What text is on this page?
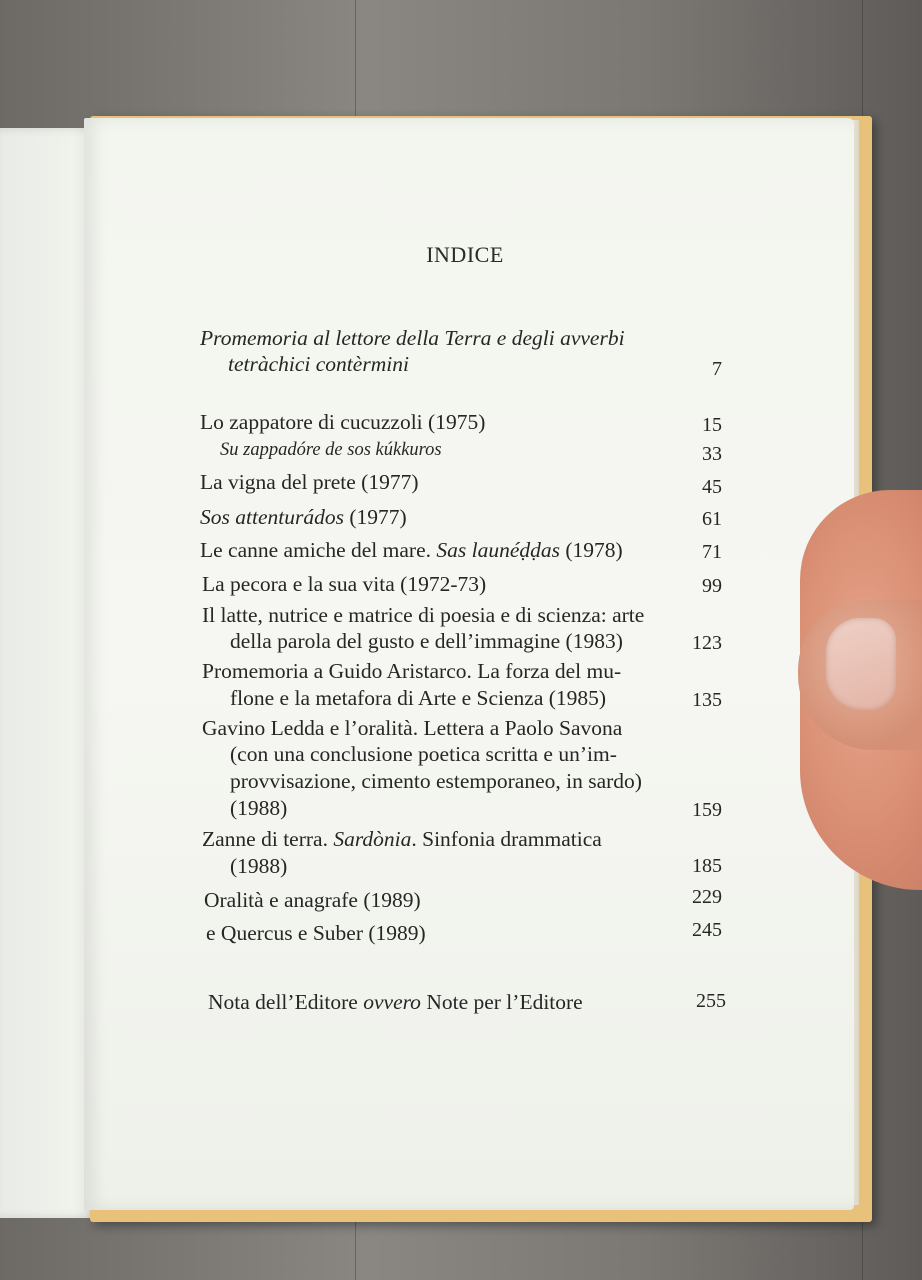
INDICE
Promemoria al lettore della Terra e degli avverbi
tetràchici contèrmini	7
Lo zappatore di cucuzzoli (1975)	15
Su zappadóre de sos kúkkuros	33
La vigna del prete (1977)	45
Sos attenturádos (1977)	61
Le canne amiche del mare. Sas launéḍḍas (1978)	71
La pecora e la sua vita (1972-73)	99
Il latte, nutrice e matrice di poesia e di scienza: arte
della parola del gusto e dell’immagine (1983)	123
Promemoria a Guido Aristarco. La forza del mu-
flone e la metafora di Arte e Scienza (1985)	135
Gavino Ledda e l’oralità. Lettera a Paolo Savona
(con una conclusione poetica scritta e un’im-
provvisazione, cimento estemporaneo, in sardo)
(1988)	159
Zanne di terra. Sardònia. Sinfonia drammatica
(1988)	185
Oralità e anagrafe (1989)	229
e Quercus e Suber (1989)	245
Nota dell’Editore ovvero Note per l’Editore	255
